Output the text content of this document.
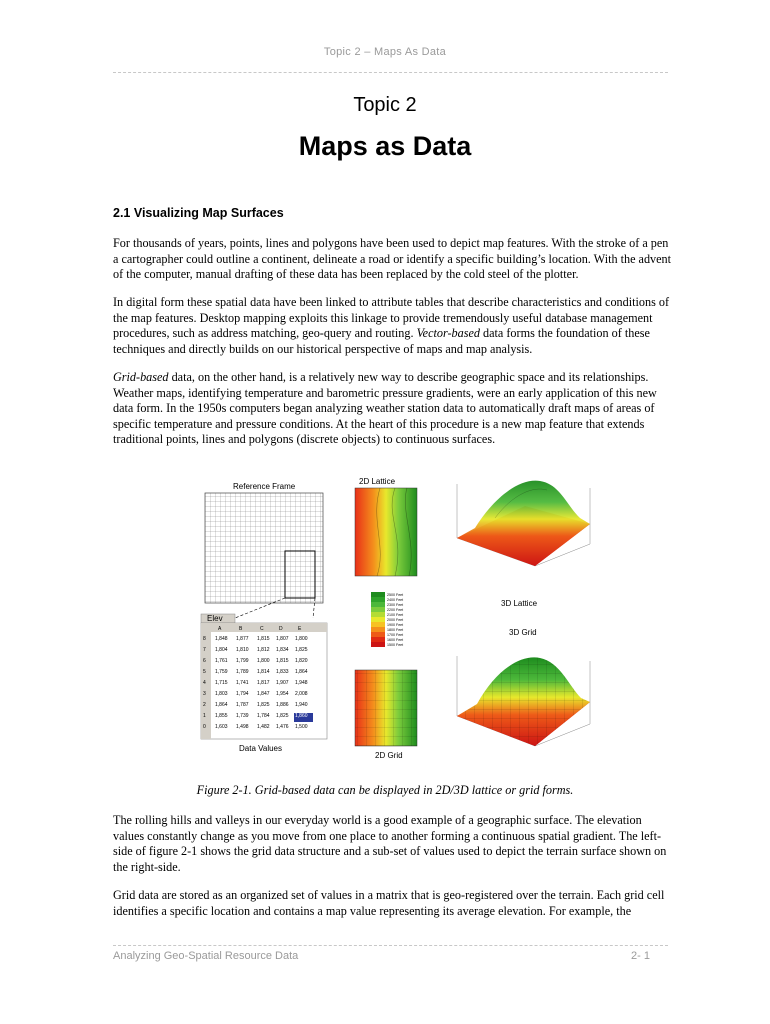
Topic 2 – Maps As Data
Topic 2
Maps as Data
2.1 Visualizing Map Surfaces

For thousands of years, points, lines and polygons have been used to depict map features. With the stroke of a pen a cartographer could outline a continent, delineate a road or identify a specific building’s location. With the advent of the computer, manual drafting of these data has been replaced by the cold steel of the plotter.

In digital form these spatial data have been linked to attribute tables that describe characteristics and conditions of the map features. Desktop mapping exploits this linkage to provide tremendously useful database management procedures, such as address matching, geo-query and routing. Vector-based data forms the foundation of these techniques and directly builds on our historical perspective of maps and map analysis.

Grid-based data, on the other hand, is a relatively new way to describe geographic space and its relationships. Weather maps, identifying temperature and barometric pressure gradients, were an early application of this new data form. In the 1950s computers began analyzing weather station data to automatically draft maps of areas of specific temperature and pressure conditions. At the heart of this procedure is a new map feature that extends traditional points, lines and polygons (discrete objects) to continuous surfaces.

Reference Frame
Elev
A	B	C	D	E
8 1,848 1,877 1,815 1,807 1,800
7 1,804 1,810 1,812 1,834 1,825
6 1,761 1,799 1,800 1,815 1,820
5 1,759 1,789 1,814 1,833 1,864
4 1,715 1,741 1,817 1,907 1,948
3 1,803 1,794 1,847 1,954 2,008
2 1,864 1,787 1,825 1,886 1,940
1 1,855 1,739 1,784 1,825 1,860
0 1,603 1,498 1,482 1,476 1,500
Data Values
2D Lattice
2500 Feet
2400 Feet
2300 Feet
2200 Feet
2100 Feet
2000 Feet
1900 Feet
1800 Feet
1700 Feet
1600 Feet
1500 Feet
2D Grid
3D Lattice
3D Grid
Figure 2-1. Grid-based data can be displayed in 2D/3D lattice or grid forms.

The rolling hills and valleys in our everyday world is a good example of a geographic surface. The elevation values constantly change as you move from one place to another forming a continuous spatial gradient. The left-side of figure 2-1 shows the grid data structure and a sub-set of values used to depict the terrain surface shown on the right-side.

Grid data are stored as an organized set of values in a matrix that is geo-registered over the terrain. Each grid cell identifies a specific location and contains a map value representing its average elevation. For example, the

Analyzing Geo-Spatial Resource Data	2- 1
